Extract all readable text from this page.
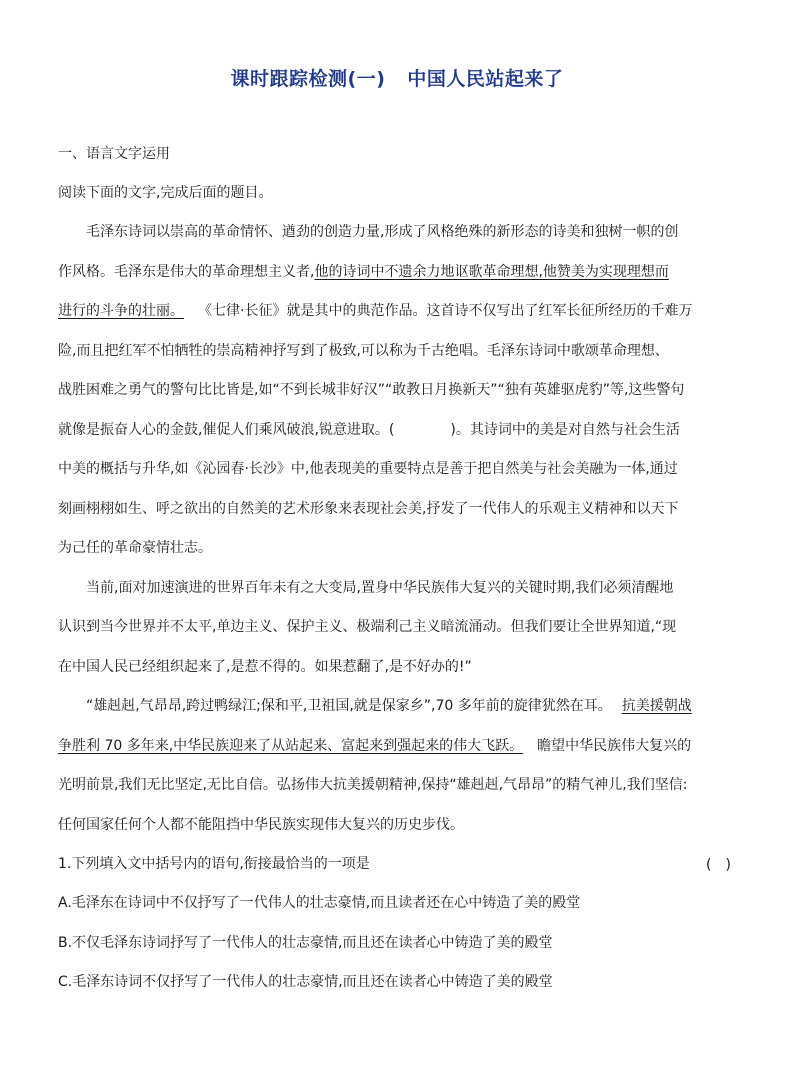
课时跟踪检测(一) 中国人民站起来了
一、语言文字运用
阅读下面的文字,完成后面的题目。
毛泽东诗词以崇高的革命情怀、遒劲的创造力量,形成了风格绝殊的新形态的诗美和独树一帜的创
作风格。毛泽东是伟大的革命理想主义者,他的诗词中不遗余力地讴歌革命理想,他赞美为实现理想而
进行的斗争的壮丽。 《七律·长征》就是其中的典范作品。这首诗不仅写出了红军长征所经历的千难万
险,而且把红军不怕牺牲的崇高精神抒写到了极致,可以称为千古绝唱。毛泽东诗词中歌颂革命理想、
战胜困难之勇气的警句比比皆是,如“不到长城非好汉”“敢教日月换新天”“独有英雄驱虎豹”等,这些警句
就像是振奋人心的金鼓,催促人们乘风破浪,锐意进取。(　　　　)。其诗词中的美是对自然与社会生活
中美的概括与升华,如《沁园春·长沙》中,他表现美的重要特点是善于把自然美与社会美融为一体,通过
刻画栩栩如生、呼之欲出的自然美的艺术形象来表现社会美,抒发了一代伟人的乐观主义精神和以天下
为己任的革命豪情壮志。
当前,面对加速演进的世界百年未有之大变局,置身中华民族伟大复兴的关键时期,我们必须清醒地
认识到当今世界并不太平,单边主义、保护主义、极端利己主义暗流涌动。但我们要让全世界知道,“现
在中国人民已经组织起来了,是惹不得的。如果惹翻了,是不好办的!”
“雄赳赳,气昂昂,跨过鸭绿江;保和平,卫祖国,就是保家乡”,70 多年前的旋律犹然在耳。 抗美援朝战
争胜利 70 多年来,中华民族迎来了从站起来、富起来到强起来的伟大飞跃。 瞻望中华民族伟大复兴的
光明前景,我们无比坚定,无比自信。弘扬伟大抗美援朝精神,保持“雄赳赳,气昂昂”的精气神儿,我们坚信:
任何国家任何个人都不能阻挡中华民族实现伟大复兴的历史步伐。
1.下列填入文中括号内的语句,衔接最恰当的一项是	(　)
A.毛泽东在诗词中不仅抒写了一代伟人的壮志豪情,而且读者还在心中铸造了美的殿堂
B.不仅毛泽东诗词抒写了一代伟人的壮志豪情,而且还在读者心中铸造了美的殿堂
C.毛泽东诗词不仅抒写了一代伟人的壮志豪情,而且还在读者心中铸造了美的殿堂
